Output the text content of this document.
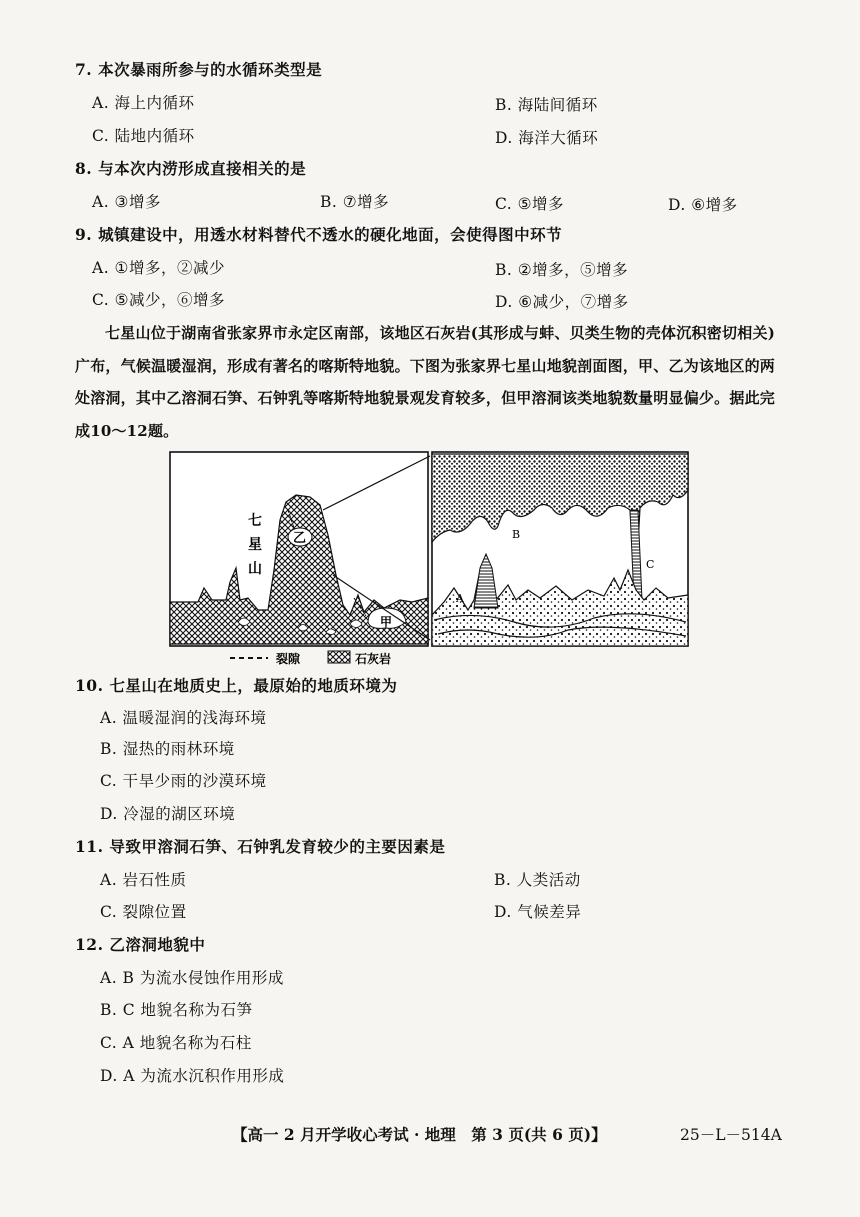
7. 本次暴雨所参与的水循环类型是
A. 海上内循环	B. 海陆间循环
C. 陆地内循环	D. 海洋大循环
8. 与本次内涝形成直接相关的是
A. ③增多	B. ⑦增多	C. ⑤增多	D. ⑥增多
9. 城镇建设中，用透水材料替代不透水的硬化地面，会使得图中环节
A. ①增多，②减少	B. ②增多，⑤增多
C. ⑤减少，⑥增多	D. ⑥减少，⑦增多
七星山位于湖南省张家界市永定区南部，该地区石灰岩(其形成与蚌、贝类生物的壳体沉积密切相关)广布，气候温暖湿润，形成有著名的喀斯特地貌。下图为张家界七星山地貌剖面图，甲、乙为该地区的两处溶洞，其中乙溶洞石笋、石钟乳等喀斯特地貌景观发育较多，但甲溶洞该类地貌数量明显偏少。据此完成10～12题。
七
星
山
乙
甲
A
B
C
裂隙	石灰岩
10. 七星山在地质史上，最原始的地质环境为
A. 温暖湿润的浅海环境
B. 湿热的雨林环境
C. 干旱少雨的沙漠环境
D. 冷湿的湖区环境
11. 导致甲溶洞石笋、石钟乳发育较少的主要因素是
A. 岩石性质	B. 人类活动
C. 裂隙位置	D. 气候差异
12. 乙溶洞地貌中
A. B 为流水侵蚀作用形成
B. C 地貌名称为石笋
C. A 地貌名称为石柱
D. A 为流水沉积作用形成
【高一 2 月开学收心考试 · 地理　第 3 页(共 6 页)】	25－L－514A
